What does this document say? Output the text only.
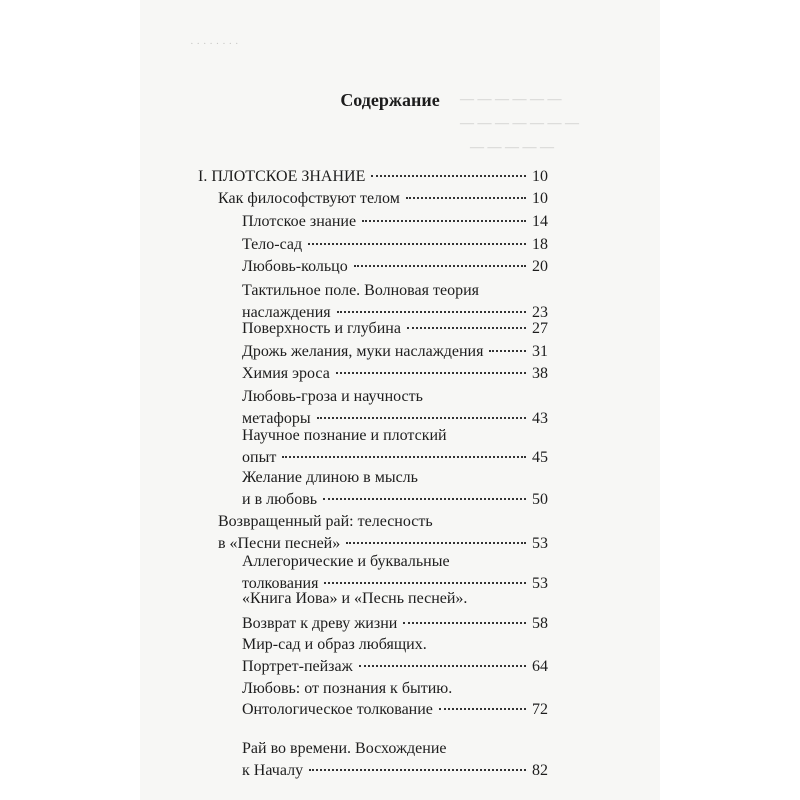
· · · · · · · ·
— — — — — —
— — — — — — —
— — — — —
Содержание
I. ПЛОТСКОЕ ЗНАНИЕ	10
Как философствуют телом	10
Плотское знание	14
Тело-сад	18
Любовь-кольцо	20
Тактильное поле. Волновая теория
наслаждения	23
Поверхность и глубина	27
Дрожь желания, муки наслаждения	31
Химия эроса	38
Любовь-гроза и научность
метафоры	43
Научное познание и плотский
опыт	45
Желание длиною в мысль
и в любовь	50
Возвращенный рай: телесность
в «Песни песней»	53
Аллегорические и буквальные
толкования	53
«Книга Иова» и «Песнь песней».
Возврат к древу жизни	58
Мир-сад и образ любящих.
Портрет-пейзаж	64
Любовь: от познания к бытию.
Онтологическое толкование	72
Рай во времени. Восхождение
к Началу	82
